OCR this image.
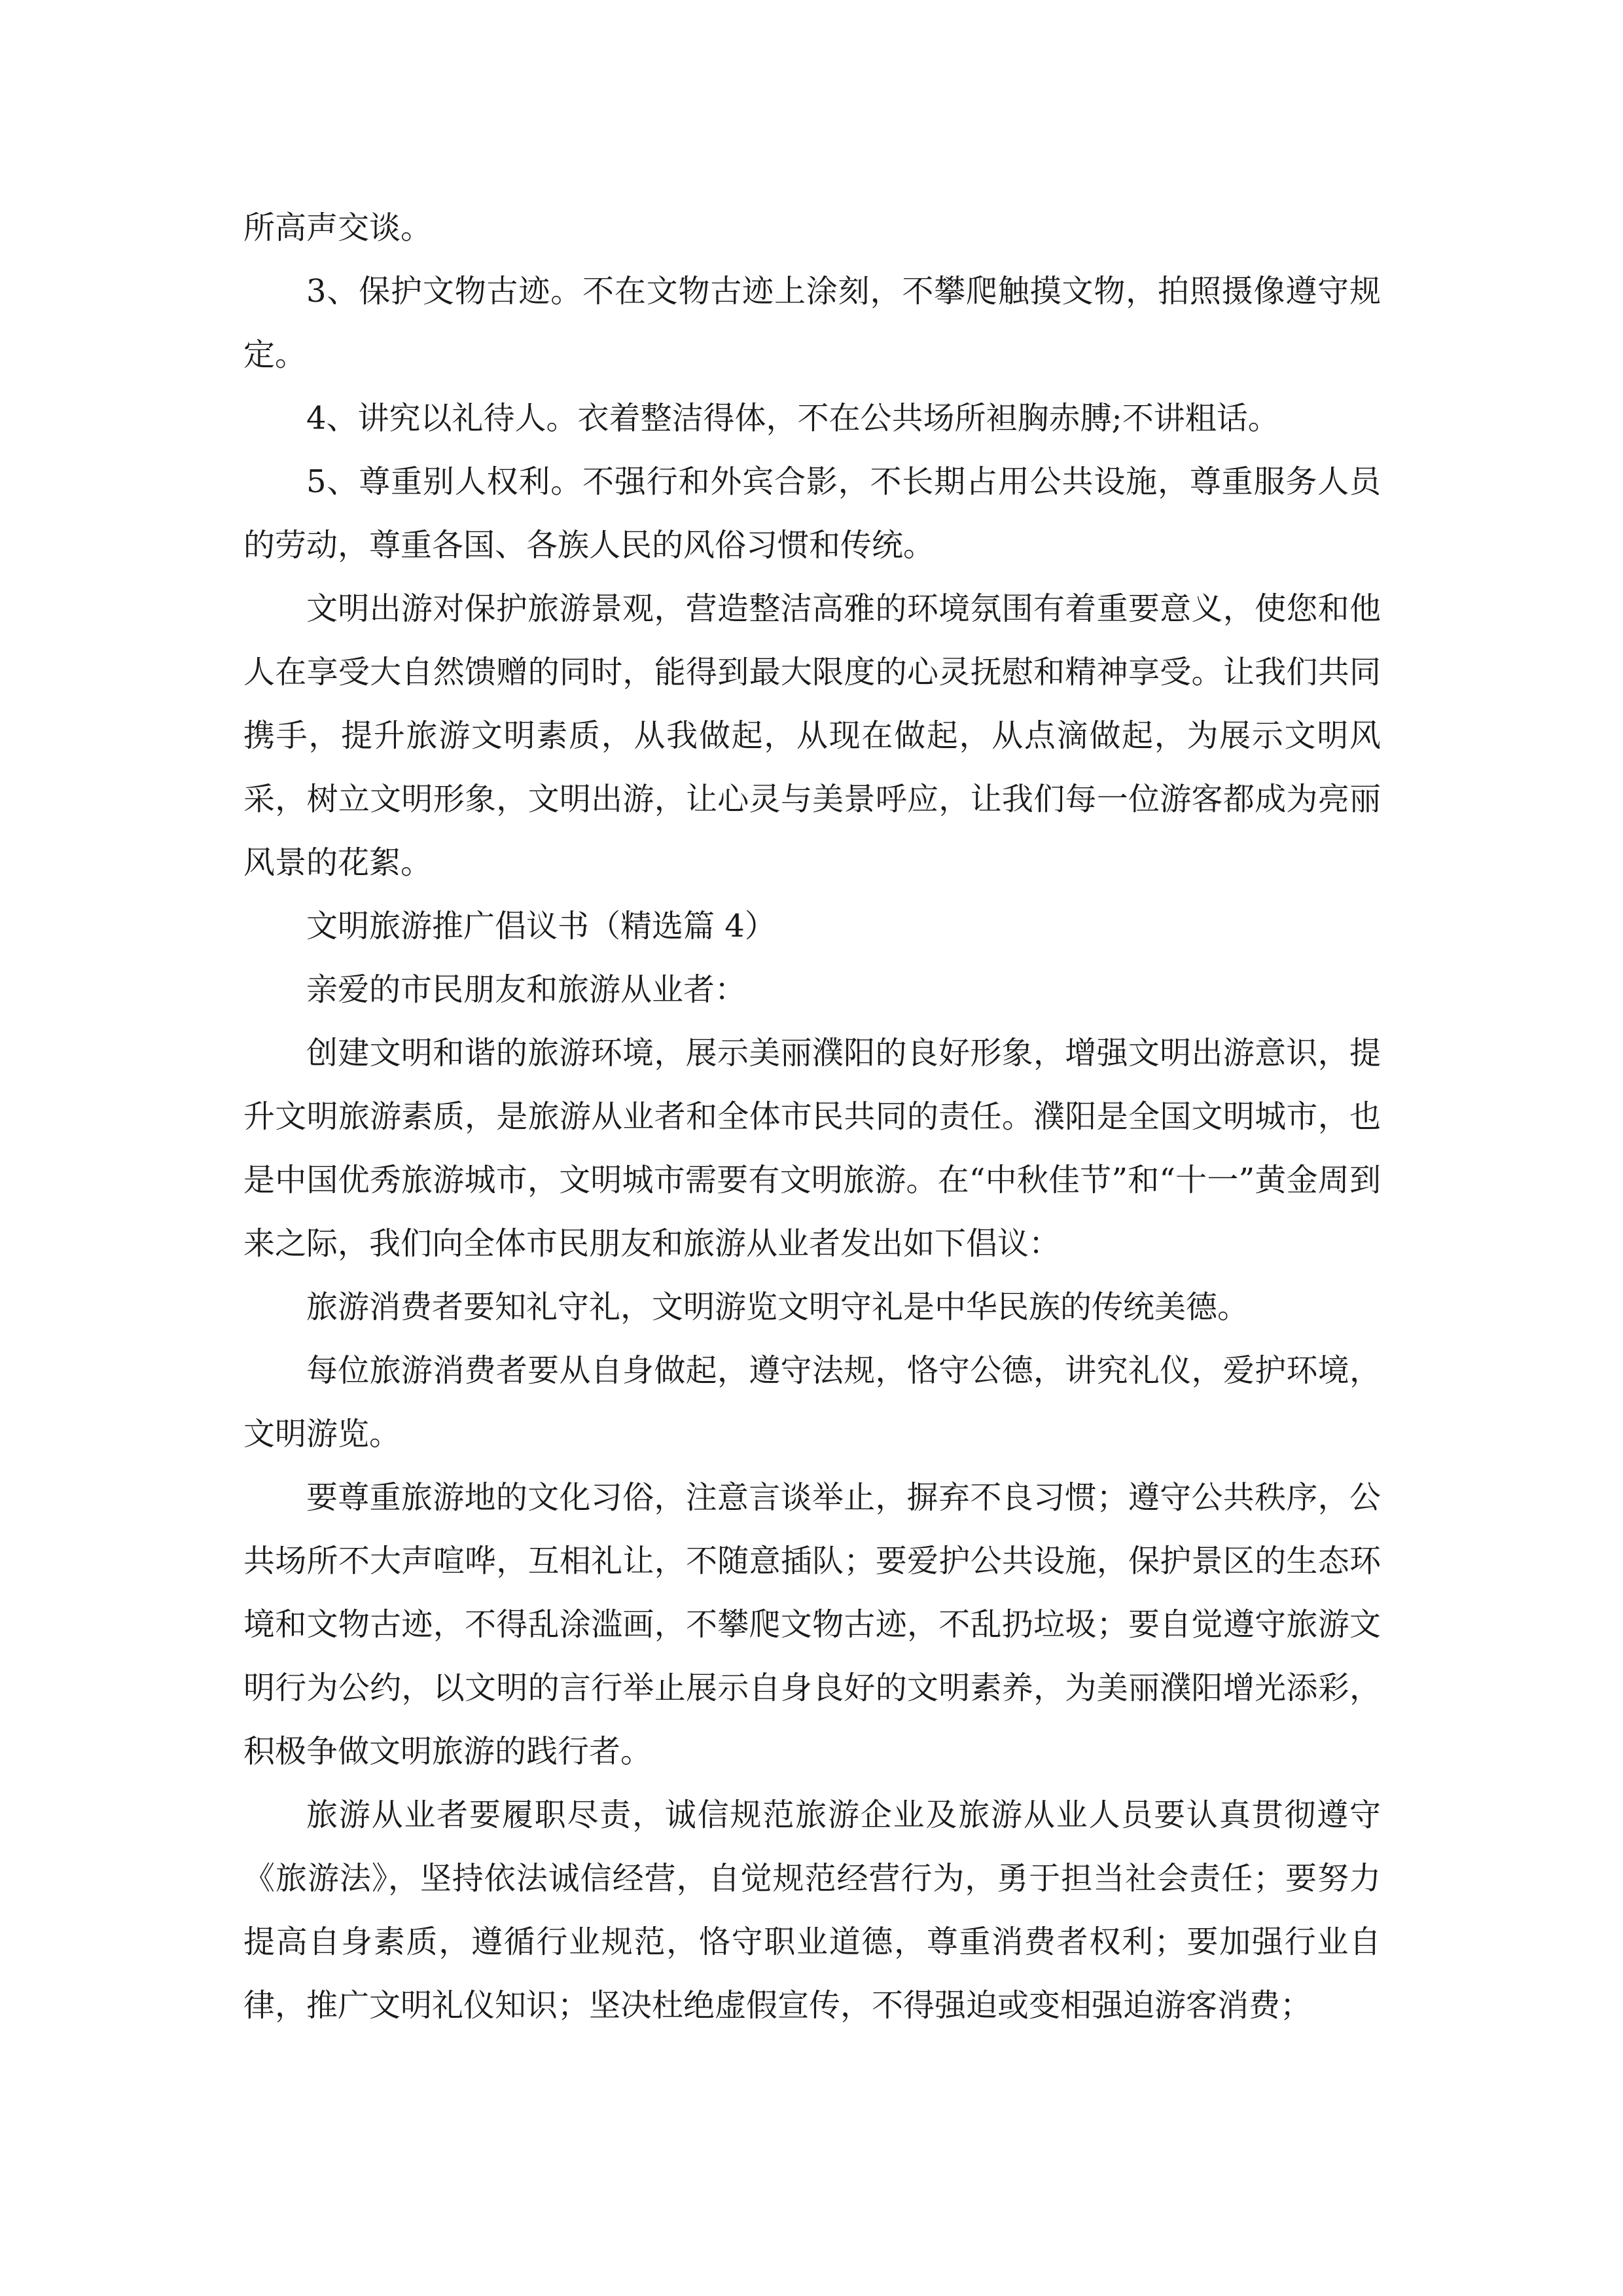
所高声交谈。

3、保护文物古迹。不在文物古迹上涂刻，不攀爬触摸文物，拍照摄像遵守规定。

4、讲究以礼待人。衣着整洁得体，不在公共场所袒胸赤膊;不讲粗话。

5、尊重别人权利。不强行和外宾合影，不长期占用公共设施，尊重服务人员的劳动，尊重各国、各族人民的风俗习惯和传统。

文明出游对保护旅游景观，营造整洁高雅的环境氛围有着重要意义，使您和他人在享受大自然馈赠的同时，能得到最大限度的心灵抚慰和精神享受。让我们共同携手，提升旅游文明素质，从我做起，从现在做起，从点滴做起，为展示文明风采，树立文明形象，文明出游，让心灵与美景呼应，让我们每一位游客都成为亮丽风景的花絮。

文明旅游推广倡议书（精选篇 4）

亲爱的市民朋友和旅游从业者：

创建文明和谐的旅游环境，展示美丽濮阳的良好形象，增强文明出游意识，提升文明旅游素质，是旅游从业者和全体市民共同的责任。濮阳是全国文明城市，也是中国优秀旅游城市，文明城市需要有文明旅游。在“中秋佳节”和“十一”黄金周到来之际，我们向全体市民朋友和旅游从业者发出如下倡议：

旅游消费者要知礼守礼，文明游览文明守礼是中华民族的传统美德。

每位旅游消费者要从自身做起，遵守法规，恪守公德，讲究礼仪，爱护环境，文明游览。

要尊重旅游地的文化习俗，注意言谈举止，摒弃不良习惯；遵守公共秩序，公共场所不大声喧哗，互相礼让，不随意插队；要爱护公共设施，保护景区的生态环境和文物古迹，不得乱涂滥画，不攀爬文物古迹，不乱扔垃圾；要自觉遵守旅游文明行为公约，以文明的言行举止展示自身良好的文明素养，为美丽濮阳增光添彩，积极争做文明旅游的践行者。

旅游从业者要履职尽责，诚信规范旅游企业及旅游从业人员要认真贯彻遵守《旅游法》，坚持依法诚信经营，自觉规范经营行为，勇于担当社会责任；要努力提高自身素质，遵循行业规范，恪守职业道德，尊重消费者权利；要加强行业自律，推广文明礼仪知识；坚决杜绝虚假宣传，不得强迫或变相强迫游客消费；
